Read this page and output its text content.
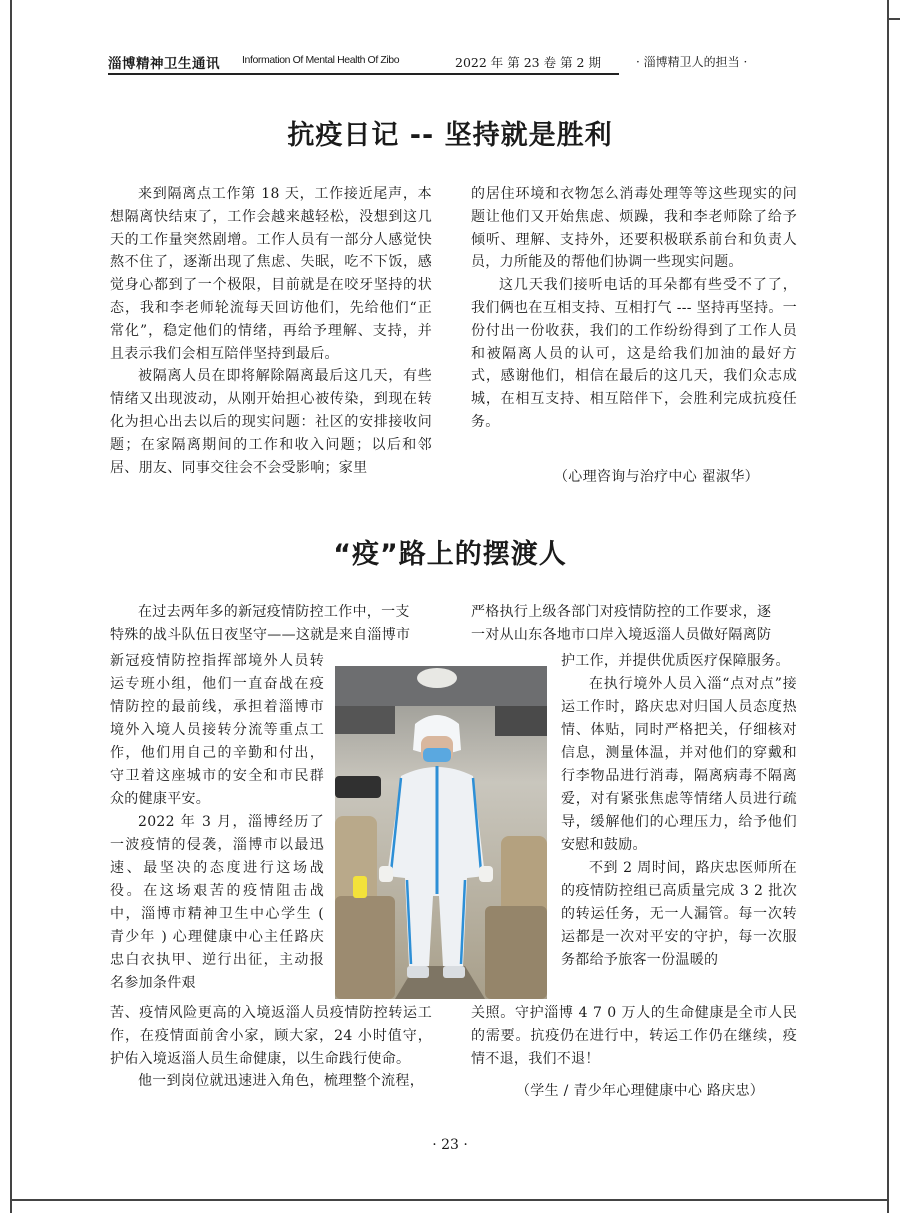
淄博精神卫生通讯 Information Of Mental Health Of Zibo	2022 年 第 23 卷 第 2 期	· 淄博精卫人的担当 ·
抗疫日记 -- 坚持就是胜利

来到隔离点工作第 18 天，工作接近尾声，本想隔离快结束了，工作会越来越轻松，没想到这几天的工作量突然剧增。工作人员有一部分人感觉快熬不住了，逐渐出现了焦虑、失眠，吃不下饭，感觉身心都到了一个极限，目前就是在咬牙坚持的状态，我和李老师轮流每天回访他们，先给他们“正常化”，稳定他们的情绪，再给予理解、支持，并且表示我们会相互陪伴坚持到最后。

被隔离人员在即将解除隔离最后这几天，有些情绪又出现波动，从刚开始担心被传染，到现在转化为担心出去以后的现实问题：社区的安排接收问题；在家隔离期间的工作和收入问题；以后和邻居、朋友、同事交往会不会受影响；家里

的居住环境和衣物怎么消毒处理等等这些现实的问题让他们又开始焦虑、烦躁，我和李老师除了给予倾听、理解、支持外，还要积极联系前台和负责人员，力所能及的帮他们协调一些现实问题。

这几天我们接听电话的耳朵都有些受不了了，我们俩也在互相支持、互相打气 --- 坚持再坚持。一份付出一份收获，我们的工作纷纷得到了工作人员和被隔离人员的认可，这是给我们加油的最好方式，感谢他们，相信在最后的这几天，我们众志成城，在相互支持、相互陪伴下，会胜利完成抗疫任务。

（心理咨询与治疗中心 翟淑华）
“疫”路上的摆渡人
在过去两年多的新冠疫情防控工作中，一支
特殊的战斗队伍日夜坚守——这就是来自淄博市

新冠疫情防控指挥部境外人员转运专班小组，他们一直奋战在疫情防控的最前线，承担着淄博市境外入境人员接转分流等重点工作，他们用自己的辛勤和付出，守卫着这座城市的安全和市民群众的健康平安。

2022 年 3 月，淄博经历了一波疫情的侵袭，淄博市以最迅速、最坚决的态度进行这场战役。在这场艰苦的疫情阻击战中，淄博市精神卫生中心学生 ( 青少年 ) 心理健康中心主任路庆忠白衣执甲、逆行出征，主动报名参加条件艰

苦、疫情风险更高的入境返淄人员疫情防控转运工作，在疫情面前舍小家，顾大家，24 小时值守，护佑入境返淄人员生命健康，以生命践行使命。

他一到岗位就迅速进入角色，梳理整个流程，

严格执行上级各部门对疫情防控的工作要求，逐
一对从山东各地市口岸入境返淄人员做好隔离防

护工作，并提供优质医疗保障服务。

在执行境外人员入淄“点对点”接运工作时，路庆忠对归国人员态度热情、体贴，同时严格把关，仔细核对信息，测量体温，并对他们的穿戴和行李物品进行消毒，隔离病毒不隔离爱，对有紧张焦虑等情绪人员进行疏导，缓解他们的心理压力，给予他们安慰和鼓励。

不到 2 周时间，路庆忠医师所在的疫情防控组已高质量完成 3 2 批次的转运任务，无一人漏管。每一次转运都是一次对平安的守护，每一次服务都给予旅客一份温暖的

关照。守护淄博 4 7 0 万人的生命健康是全市人民的需要。抗疫仍在进行中，转运工作仍在继续，疫情不退，我们不退！

（学生 / 青少年心理健康中心 路庆忠）
· 23 ·
